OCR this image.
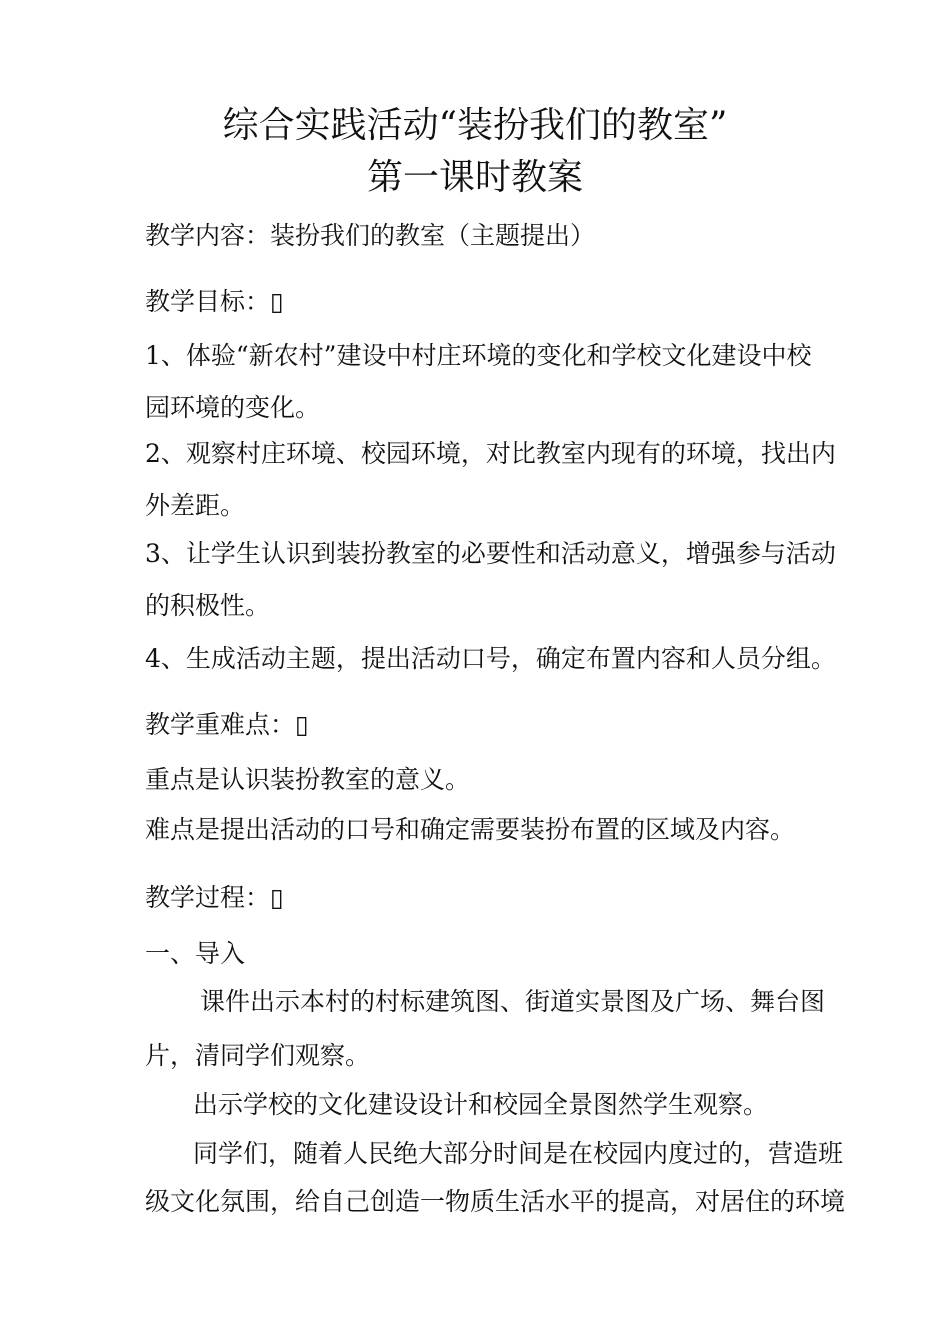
综合实践活动“装扮我们的教室”
第一课时教案
教学内容：装扮我们的教室（主题提出）
教学目标：▯
1、体验“新农村”建设中村庄环境的变化和学校文化建设中校
园环境的变化。
2、观察村庄环境、校园环境，对比教室内现有的环境，找出内
外差距。
3、让学生认识到装扮教室的必要性和活动意义，增强参与活动
的积极性。
4、生成活动主题，提出活动口号，确定布置内容和人员分组。
教学重难点：▯
重点是认识装扮教室的意义。
难点是提出活动的口号和确定需要装扮布置的区域及内容。
教学过程：▯
一、导入
课件出示本村的村标建筑图、街道实景图及广场、舞台图
片，清同学们观察。
出示学校的文化建设设计和校园全景图然学生观察。
同学们，随着人民绝大部分时间是在校园内度过的，营造班
级文化氛围，给自己创造一物质生活水平的提高，对居住的环境
